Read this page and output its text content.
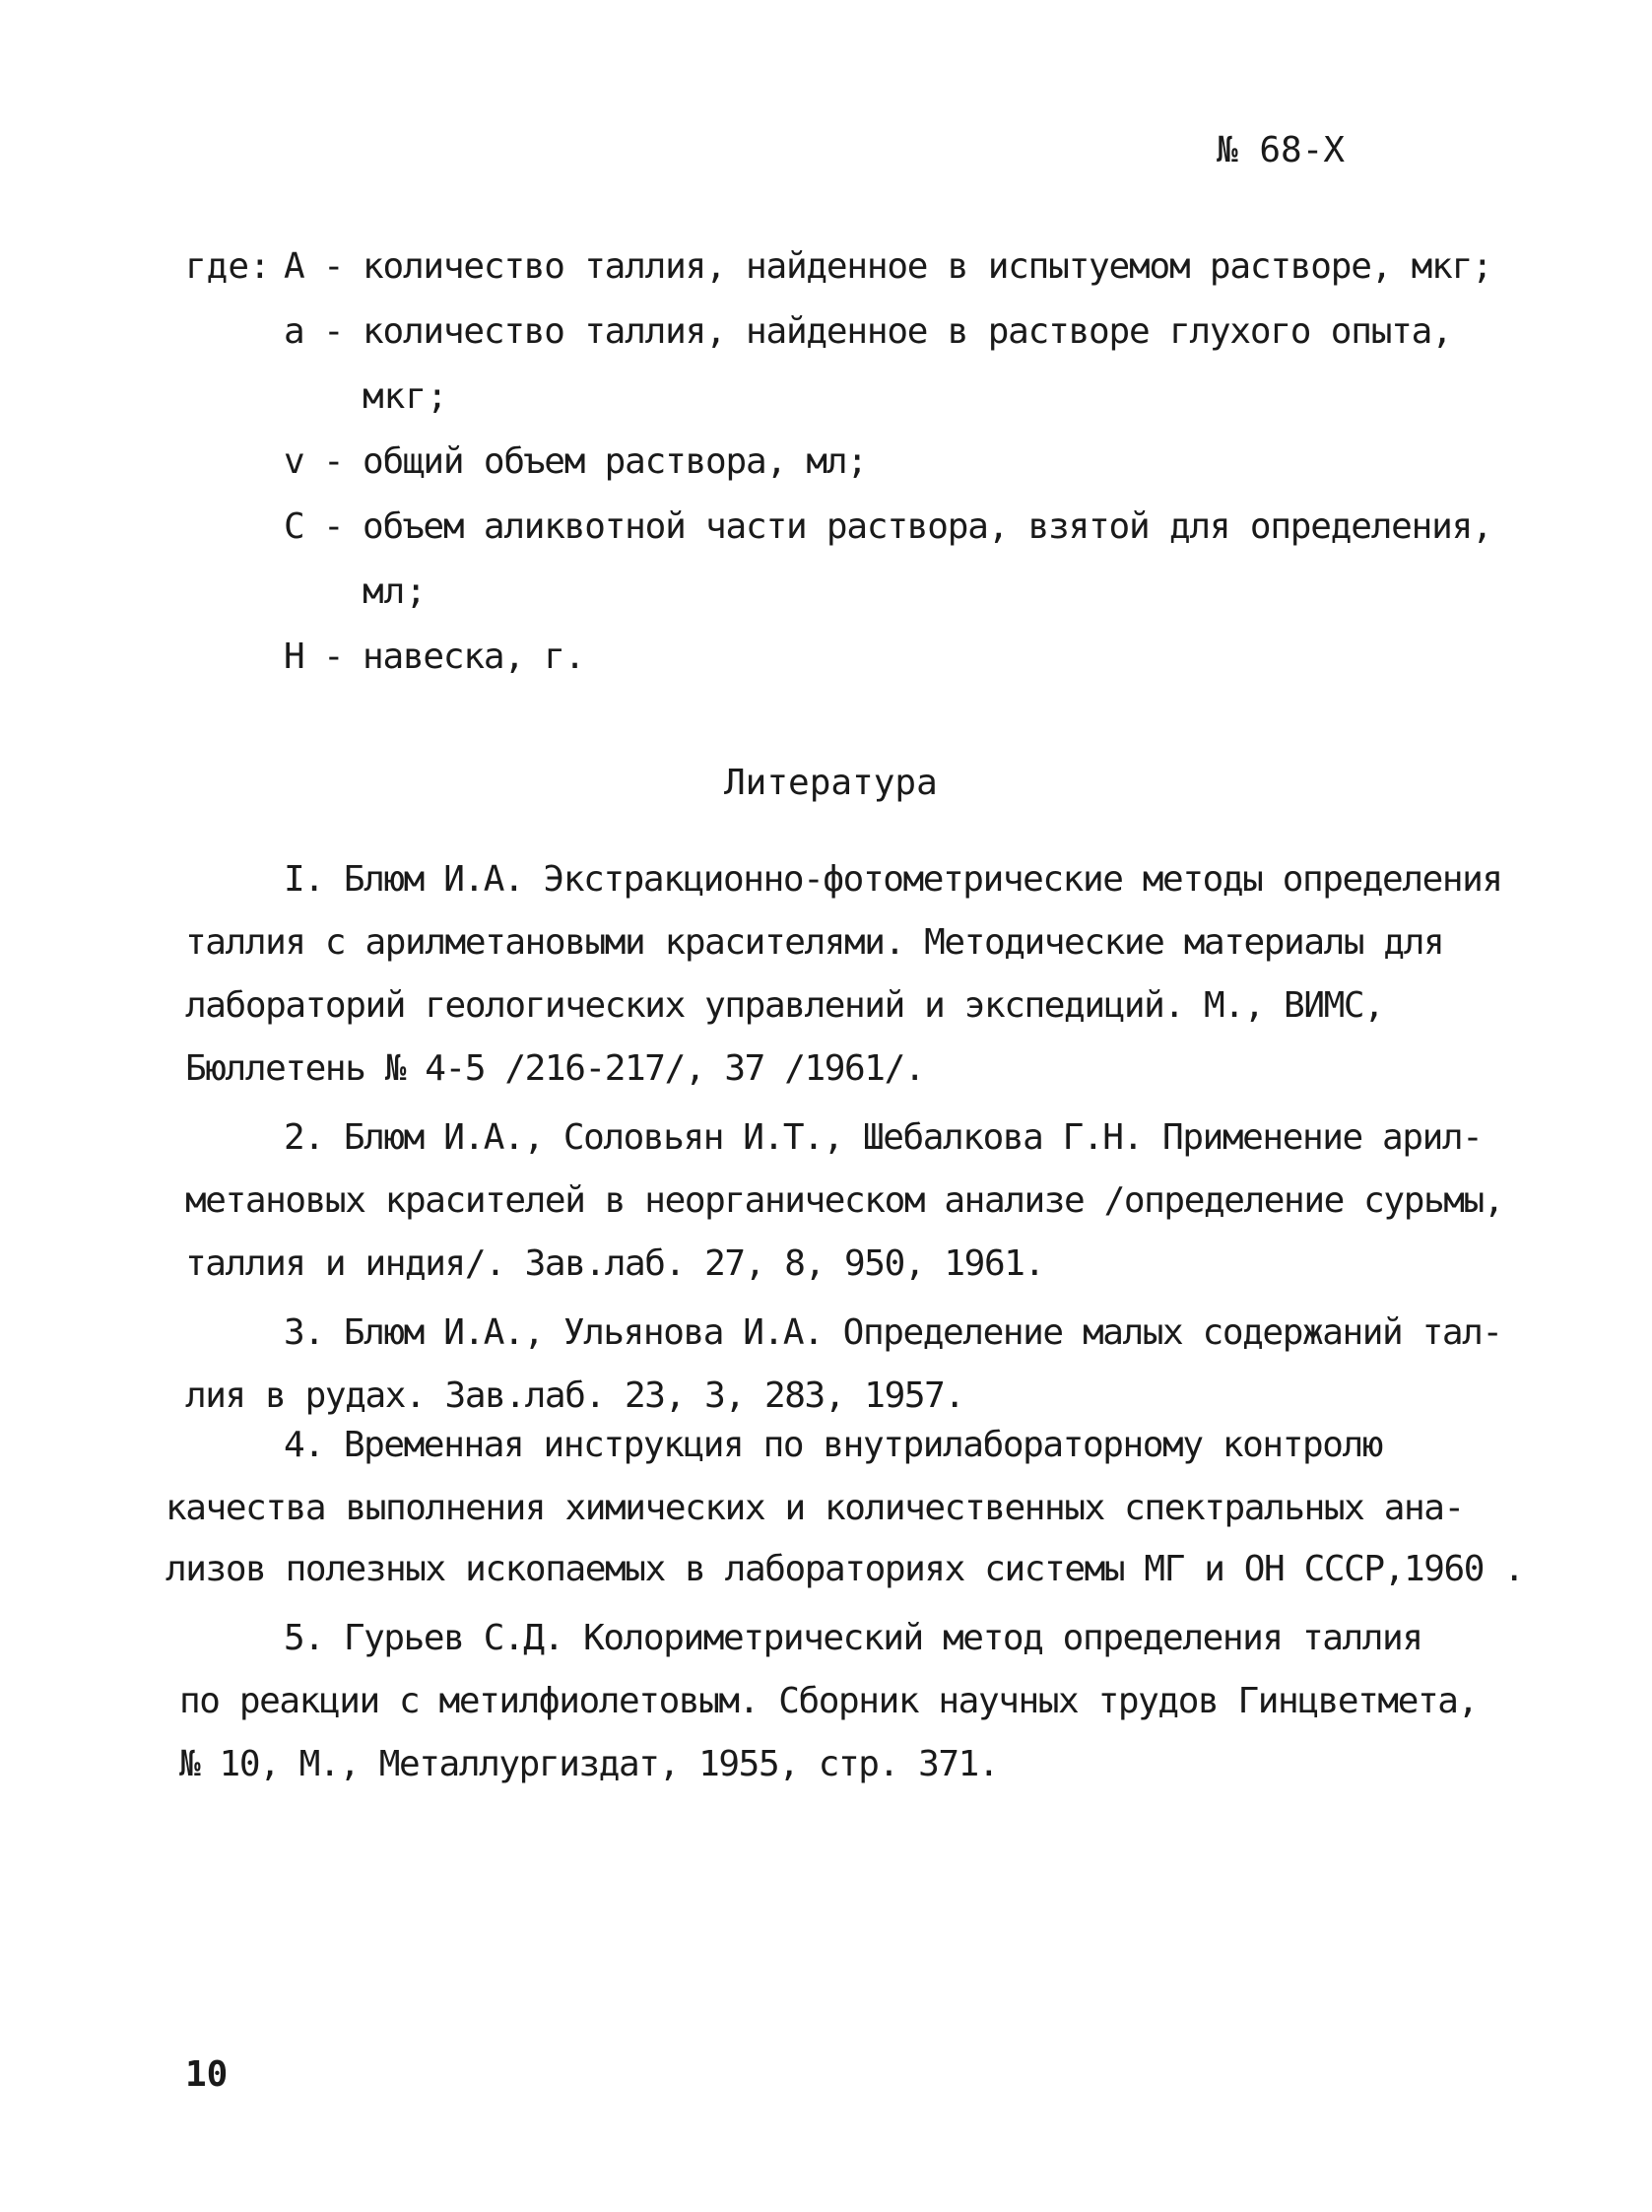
№ 68-Х
где: А - количество таллия, найденное в испытуемом растворе, мкг;
а - количество таллия, найденное в растворе глухого опыта,
мкг;
v - общий объем раствора, мл;
С - объем аликвотной части раствора, взятой для определения,
мл;
Н - навеска, г.
Литература
I. Блюм И.А. Экстракционно-фотометрические методы определения
таллия с арилметановыми красителями. Методические материалы для
лабораторий геологических управлений и экспедиций. М., ВИМС,
Бюллетень № 4-5 /216-217/, 37 /1961/.
2. Блюм И.А., Соловьян И.Т., Шебалкова Г.Н. Применение арил-
метановых красителей в неорганическом анализе /определение сурьмы,
таллия и индия/. Зав.лаб. 27, 8, 950, 1961.
3. Блюм И.А., Ульянова И.А. Определение малых содержаний тал-
лия в рудах. Зав.лаб. 23, 3, 283, 1957.
4. Временная инструкция по внутрилабораторному контролю
качества выполнения химических и количественных спектральных ана-
лизов полезных ископаемых в лабораториях системы МГ и ОН СССР,1960 .
5. Гурьев С.Д. Колориметрический метод определения таллия
по реакции с метилфиолетовым. Сборник научных трудов Гинцветмета,
№ 10, М., Металлургиздат, 1955, стр. 371.
10
